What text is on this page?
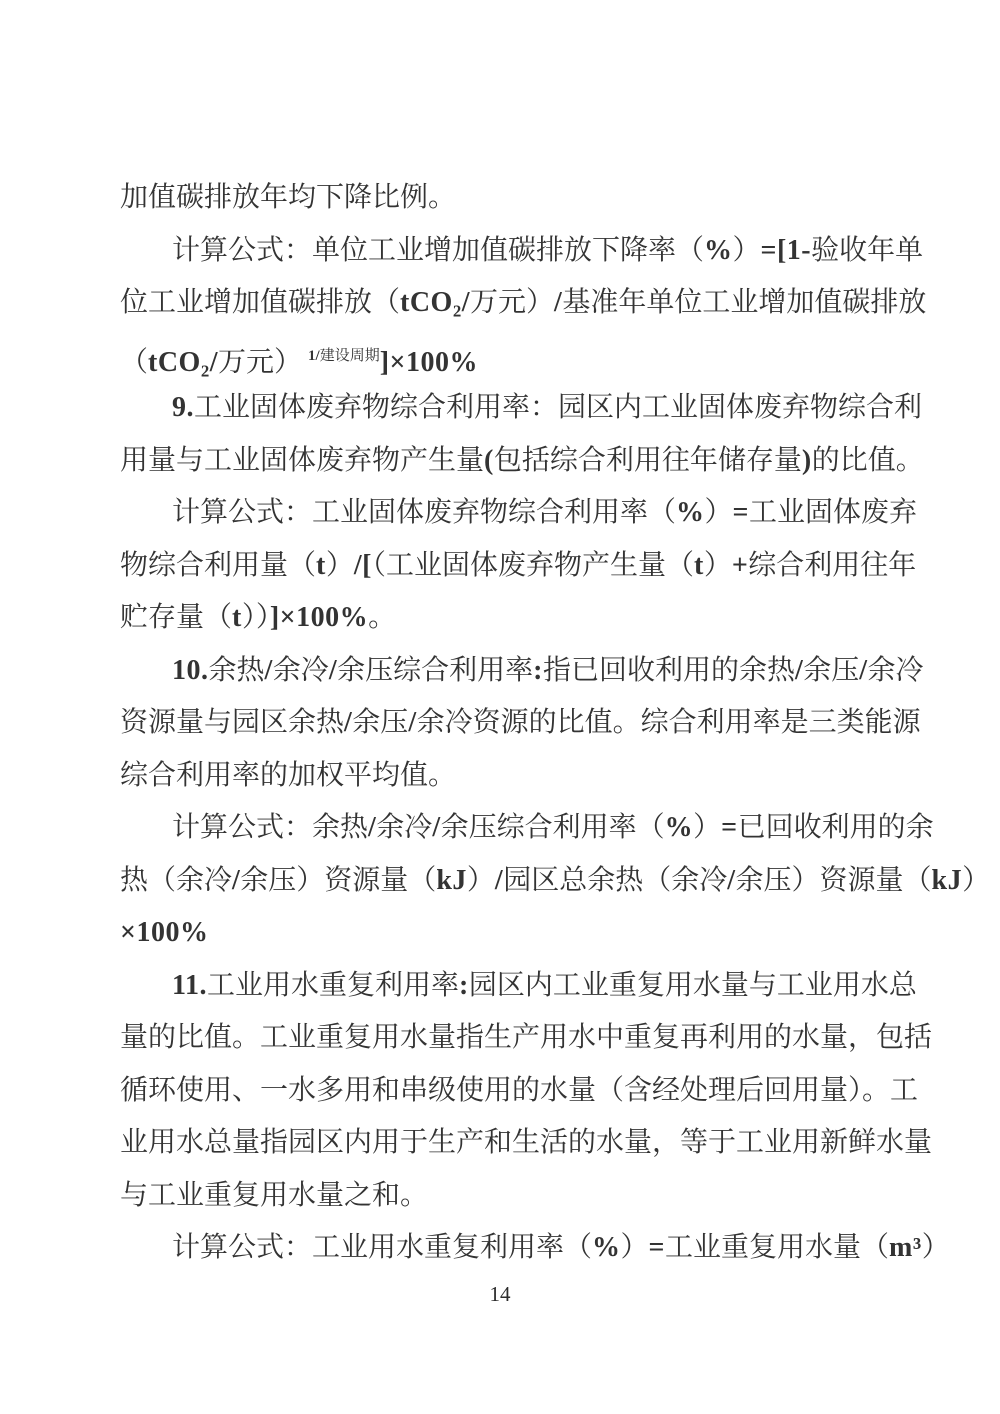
加值碳排放年均下降比例。
计算公式：单位工业增加值碳排放下降率（%）=[1-验收年单
位工业增加值碳排放（tCO₂/万元）/基准年单位工业增加值碳排放
（tCO₂/万元） $^{1/建设周期}$]×100%
9.工业固体废弃物综合利用率：园区内工业固体废弃物综合利
用量与工业固体废弃物产生量(包括综合利用往年储存量)的比值。
计算公式：工业固体废弃物综合利用率（%）=工业固体废弃
物综合利用量（t）/[（工业固体废弃物产生量（t）+综合利用往年
贮存量（t））]×100%。
10.余热/余冷/余压综合利用率:指已回收利用的余热/余压/余冷
资源量与园区余热/余压/余冷资源的比值。综合利用率是三类能源
综合利用率的加权平均值。
计算公式：余热/余冷/余压综合利用率（%）=已回收利用的余
热（余冷/余压）资源量（kJ）/园区总余热（余冷/余压）资源量（kJ）
×100%
11.工业用水重复利用率:园区内工业重复用水量与工业用水总
量的比值。工业重复用水量指生产用水中重复再利用的水量，包括
循环使用、一水多用和串级使用的水量（含经处理后回用量）。工
业用水总量指园区内用于生产和生活的水量，等于工业用新鲜水量
与工业重复用水量之和。
计算公式：工业用水重复利用率（%）=工业重复用水量（m³）
14
